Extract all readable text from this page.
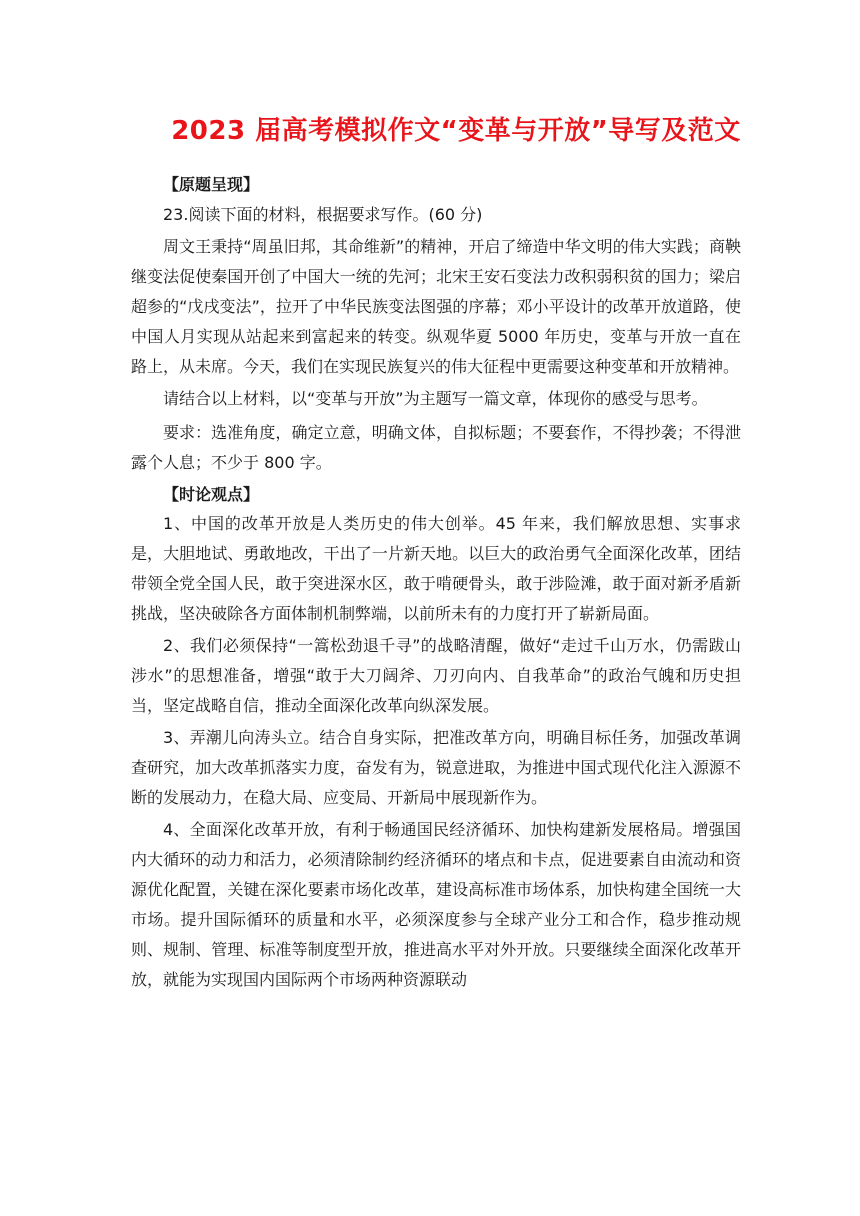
2023 届高考模拟作文“变革与开放”导写及范文
【原题呈现】

23.阅读下面的材料，根据要求写作。(60 分)

周文王秉持“周虽旧邦，其命维新”的精神，开启了缔造中华文明的伟大实践；商鞅继变法促使秦国开创了中国大一统的先河；北宋王安石变法力改积弱积贫的国力；梁启超参的“戊戌变法”，拉开了中华民族变法图强的序幕；邓小平设计的改革开放道路，使中国人月实现从站起来到富起来的转变。纵观华夏 5000 年历史，变革与开放一直在路上，从未席。今天，我们在实现民族复兴的伟大征程中更需要这种变革和开放精神。

请结合以上材料，以“变革与开放”为主题写一篇文章，体现你的感受与思考。

要求：选准角度，确定立意，明确文体，自拟标题；不要套作，不得抄袭；不得泄露个人息；不少于 800 字。

【时论观点】

1、中国的改革开放是人类历史的伟大创举。45 年来，我们解放思想、实事求是，大胆地试、勇敢地改，干出了一片新天地。以巨大的政治勇气全面深化改革，团结带领全党全国人民，敢于突进深水区，敢于啃硬骨头，敢于涉险滩，敢于面对新矛盾新挑战，坚决破除各方面体制机制弊端，以前所未有的力度打开了崭新局面。

2、我们必须保持“一篙松劲退千寻”的战略清醒，做好“走过千山万水，仍需跋山涉水”的思想准备，增强“敢于大刀阔斧、刀刃向内、自我革命”的政治气魄和历史担当，坚定战略自信，推动全面深化改革向纵深发展。

3、弄潮儿向涛头立。结合自身实际，把准改革方向，明确目标任务，加强改革调查研究，加大改革抓落实力度，奋发有为，锐意进取，为推进中国式现代化注入源源不断的发展动力，在稳大局、应变局、开新局中展现新作为。

4、全面深化改革开放，有利于畅通国民经济循环、加快构建新发展格局。增强国内大循环的动力和活力，必须清除制约经济循环的堵点和卡点，促进要素自由流动和资源优化配置，关键在深化要素市场化改革，建设高标准市场体系，加快构建全国统一大市场。提升国际循环的质量和水平，必须深度参与全球产业分工和合作，稳步推动规则、规制、管理、标准等制度型开放，推进高水平对外开放。只要继续全面深化改革开放，就能为实现国内国际两个市场两种资源联动
